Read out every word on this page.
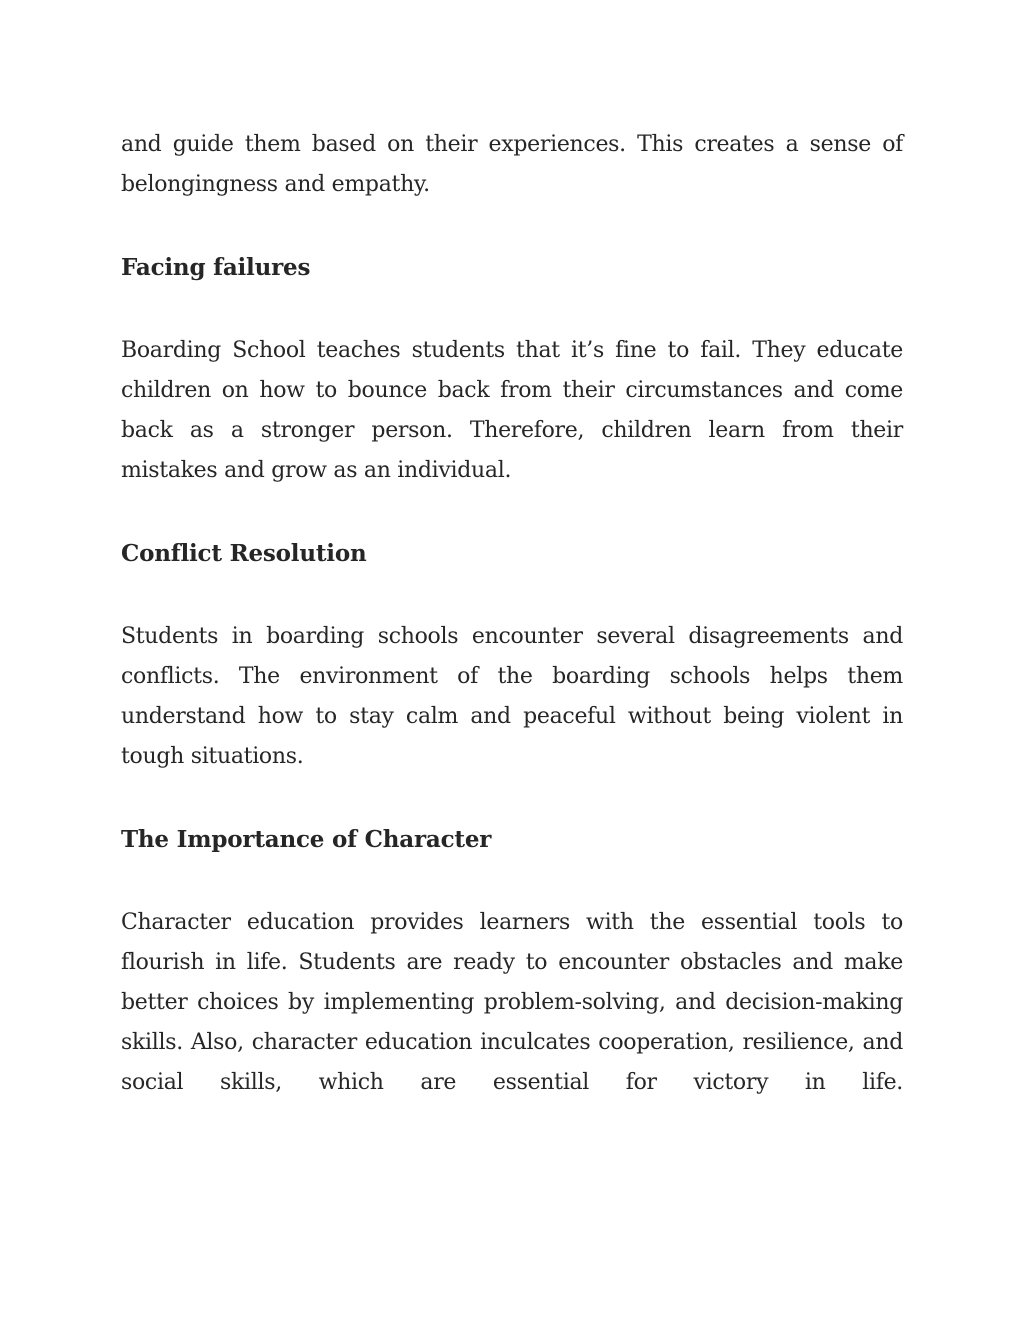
and guide them based on their experiences. This creates a sense of belongingness and empathy.

Facing failures

Boarding School teaches students that it’s fine to fail. They educate children on how to bounce back from their circumstances and come back as a stronger person. Therefore, children learn from their mistakes and grow as an individual.

Conflict Resolution

Students in boarding schools encounter several disagreements and conflicts. The environment of the boarding schools helps them understand how to stay calm and peaceful without being violent in tough situations.

The Importance of Character

Character education provides learners with the essential tools to flourish in life. Students are ready to encounter obstacles and make better choices by implementing problem-solving, and decision-making skills. Also, character education inculcates cooperation, resilience, and social skills, which are essential for victory in life.
